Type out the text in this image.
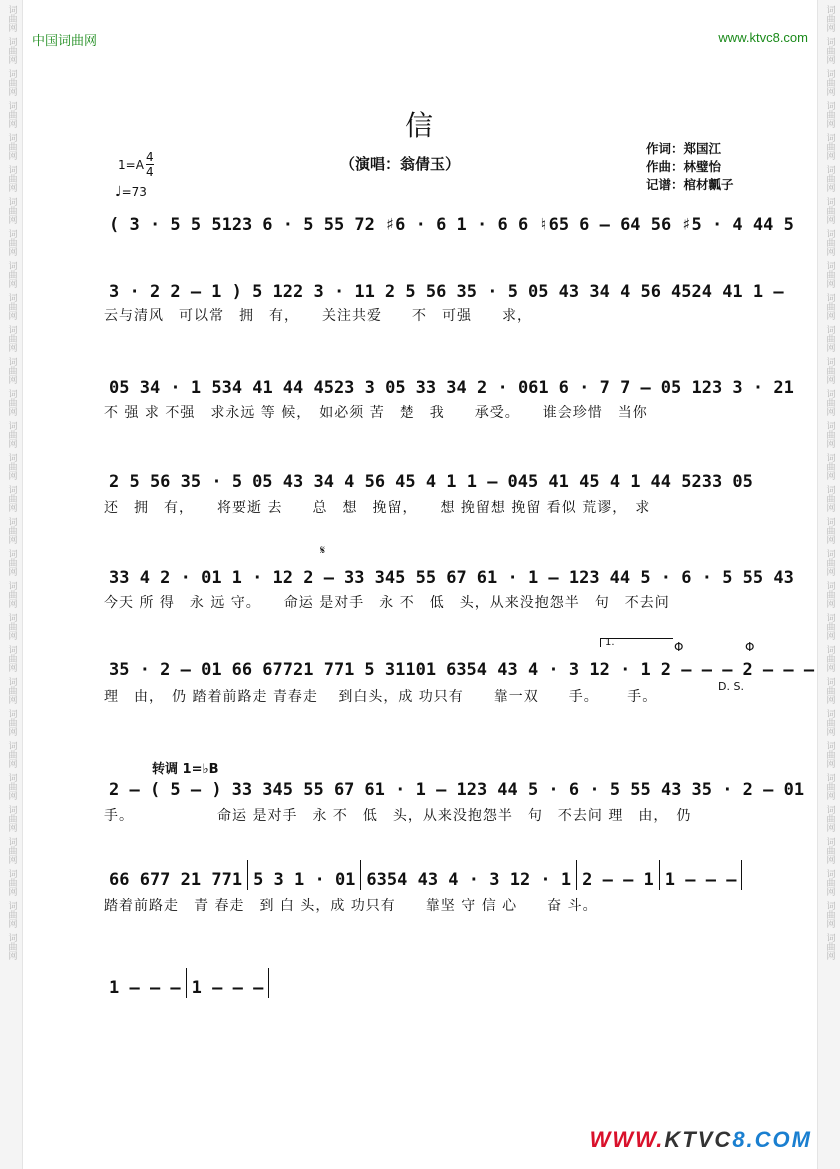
词曲网
词曲网
词曲网
词曲网
词曲网
词曲网
词曲网
词曲网
词曲网
词曲网
词曲网
词曲网
词曲网
词曲网
词曲网
词曲网
词曲网
词曲网
词曲网
词曲网
词曲网
词曲网
词曲网
词曲网
词曲网
词曲网
词曲网
词曲网
词曲网
词曲网
词曲网
词曲网
词曲网
词曲网
词曲网
词曲网
词曲网
词曲网
词曲网
词曲网
词曲网
词曲网
词曲网
词曲网
词曲网
词曲网
词曲网
词曲网
词曲网
词曲网
词曲网
词曲网
词曲网
词曲网
词曲网
词曲网
词曲网
词曲网
词曲网
词曲网
中国词曲网	www.ktvc8.com
信
（演唱：翁倩玉）
1=A
4
4
♩=73
作词：郑国江
作曲：林璧怡
记谱：棺材瓤子
𝄋
1.	Φ	Φ
D. S.
转调 1=♭B
( 3 · 5 5 5123 6 · 5 55 72 ♯6 · 6 1 · 6 6 ♮65 6 – 64 56 ♯5 · 4 44 5
3 · 2 2 – 1 ) 5 122 3 · 11 2 5 56 35 · 5 05 43 34 4 56 4524 41 1 –
云与清风　可以常　拥　有，　　关注共爱　　不　可强　　求，
05 34 · 1 534 41 44 4523 3 05 33 34 2 · 061 6 · 7 7 – 05 123 3 · 21
不 强 求 不强　求永远 等 候，　如必须 苦　楚　我　　承受。　　谁会珍惜　当你
2 5 56 35 · 5 05 43 34 4 56 45 4 1 1 – 045 41 45 4 1 44 5233 05
还　拥　有，　　将要逝 去　　总　想　挽留，　　想 挽留想 挽留 看似 荒谬，　求
33 4 2 · 01 1 · 12 2 – 33 345 55 67 61 · 1 – 123 44 5 · 6 · 5 55 43
今天 所 得　永 远 守。　　命运 是对手　永 不　低　头，从来没抱怨半　句　不去问
35 · 2 – 01 66 67721 771 5 31101 6354 43 4 · 3 12 · 1 2 – – – 2 – – –
理　由，　仍 踏着前路走 青春走　 到白头，成 功只有　　靠一双　　手。　　 手。
2 – ( 5 – ) 33 345 55 67 61 · 1 – 123 44 5 · 6 · 5 55 43 35 · 2 – 01
手。　　　　　　命运 是对手　永 不　低　头，从来没抱怨半　句　不去问 理　由，　仍
66 677 21 771 5 3 1 · 01 6354 43 4 · 3 12 · 1 2 – – 1 1 – – –
踏着前路走　青 春走　到 白 头，成 功只有　　靠坚 守 信 心　　奋 斗。
1 – – – 1 – – –
WWW.KTVC8.COM
